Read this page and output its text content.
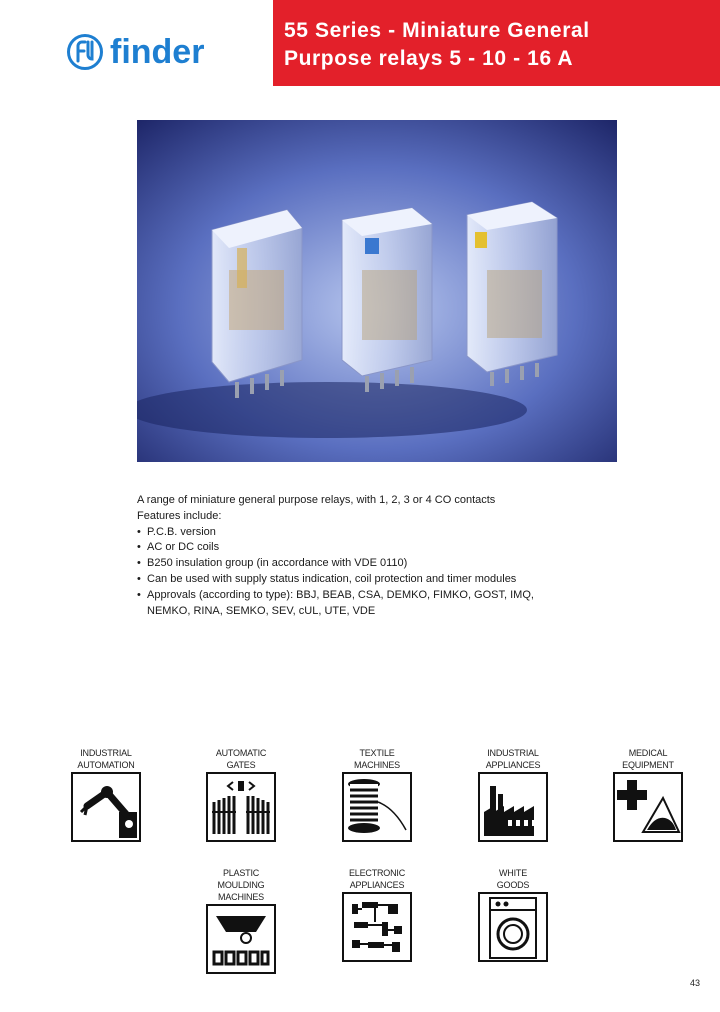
finder
55 Series - Miniature General
Purpose relays 5 - 10 - 16 A

A range of miniature general purpose relays, with 1, 2, 3 or 4 CO contacts

Features include:

• P.C.B. version
• AC or DC coils
• B250 insulation group (in accordance with VDE 0110)
• Can be used with supply status indication, coil protection and timer modules
• Approvals (according to type): BBJ, BEAB, CSA, DEMKO, FIMKO, GOST, IMQ,

NEMKO, RINA, SEMKO, SEV, cUL, UTE, VDE

INDUSTRIAL
AUTOMATION
AUTOMATIC
GATES
TEXTILE
MACHINES
INDUSTRIAL
APPLIANCES
MEDICAL
EQUIPMENT
PLASTIC
MOULDING
MACHINES
ELECTRONIC
APPLIANCES
WHITE
GOODS
43
